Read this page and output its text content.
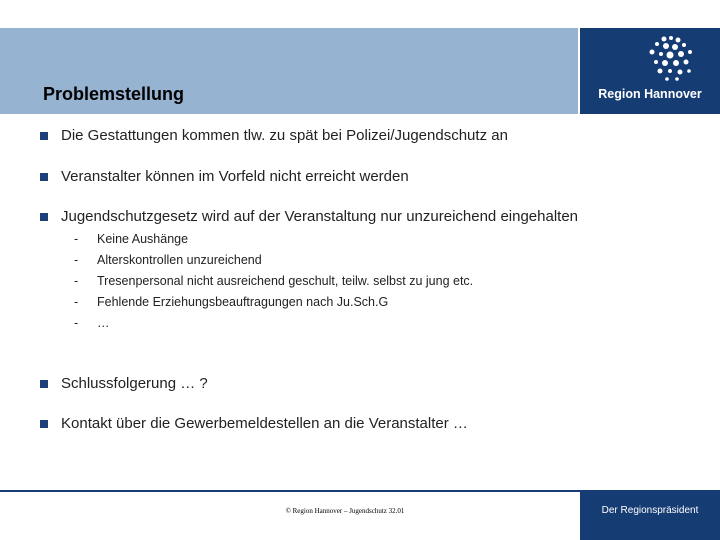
Region Hannover
Problemstellung
Die Gestattungen kommen tlw. zu spät bei Polizei/Jugendschutz an
Veranstalter können im Vorfeld nicht erreicht werden
Jugendschutzgesetz wird auf der Veranstaltung nur unzureichend eingehalten
- Keine Aushänge
- Alterskontrollen unzureichend
- Tresenpersonal nicht ausreichend geschult, teilw. selbst zu jung etc.
- Fehlende Erziehungsbeauftragungen nach Ju.Sch.G
- …
Schlussfolgerung … ?
Kontakt über die Gewerbemeldestellen an die Veranstalter …
© Region Hannover – Jugendschutz 32.01	Der Regionspräsident
